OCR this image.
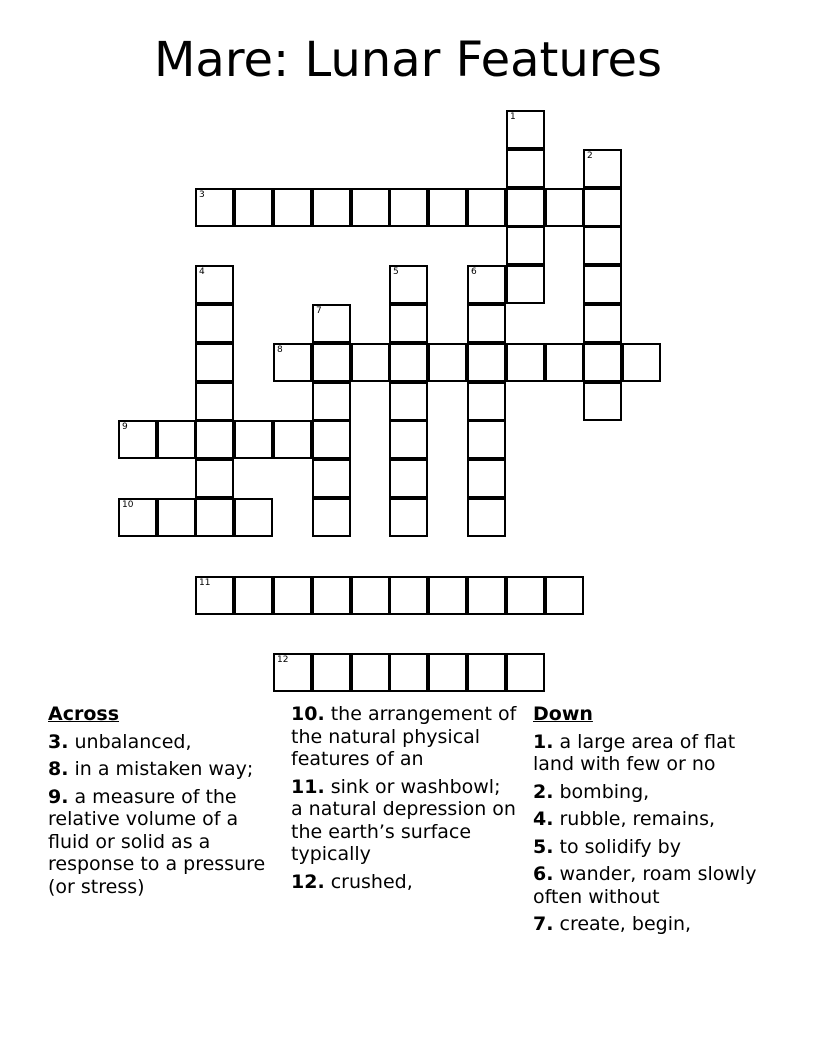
Mare: Lunar Features
1
2
3
4	5	6
7
8
9
10
11
12
Across
3. unbalanced,
8. in a mistaken way;
9. a measure of the relative volume of a fluid or solid as a response to a pressure (or stress)
10. the arrangement of the natural physical features of an
11. sink or washbowl; a natural depression on the earth’s surface typically
12. crushed,
Down
1. a large area of flat land with few or no
2. bombing,
4. rubble, remains,
5. to solidify by
6. wander, roam slowly often without
7. create, begin,
